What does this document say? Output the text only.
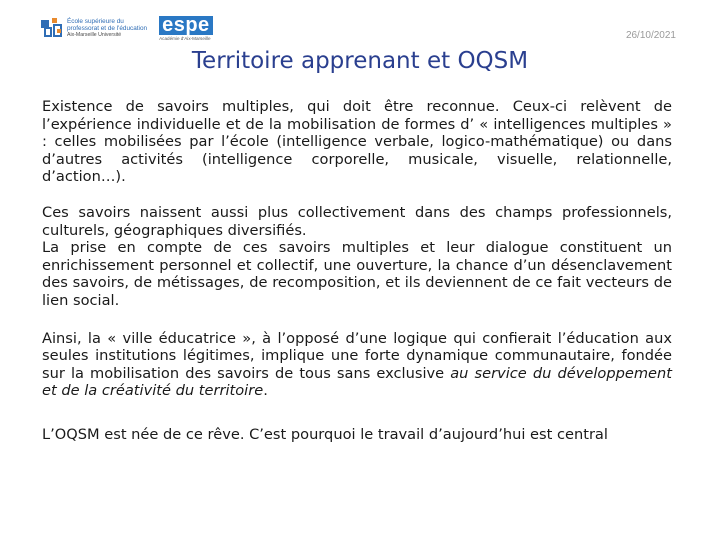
École supérieure du
professorat et de l'éducation
Aix-Marseille Université	espe
Académie d'Aix-Marseille	26/10/2021
Territoire apprenant et OQSM

Existence de savoirs multiples, qui doit être reconnue. Ceux-ci relèvent de l’expérience individuelle et de la mobilisation de formes d’ « intelligences multiples » : celles mobilisées par l’école (intelligence verbale, logico-mathématique) ou dans d’autres activités (intelligence corporelle, musicale, visuelle, relationnelle, d’action…).

Ces savoirs naissent aussi plus collectivement dans des champs professionnels, culturels, géographiques diversifiés.

La prise en compte de ces savoirs multiples et leur dialogue constituent un enrichissement personnel et collectif, une ouverture, la chance d’un désenclavement des savoirs, de métissages, de recomposition, et ils deviennent de ce fait vecteurs de lien social.

Ainsi, la « ville éducatrice », à l’opposé d’une logique qui confierait l’éducation aux seules institutions légitimes, implique une forte dynamique communautaire, fondée sur la mobilisation des savoirs de tous sans exclusive au service du développement et de la créativité du territoire.

L’OQSM est née de ce rêve. C’est pourquoi le travail d’aujourd’hui est central
